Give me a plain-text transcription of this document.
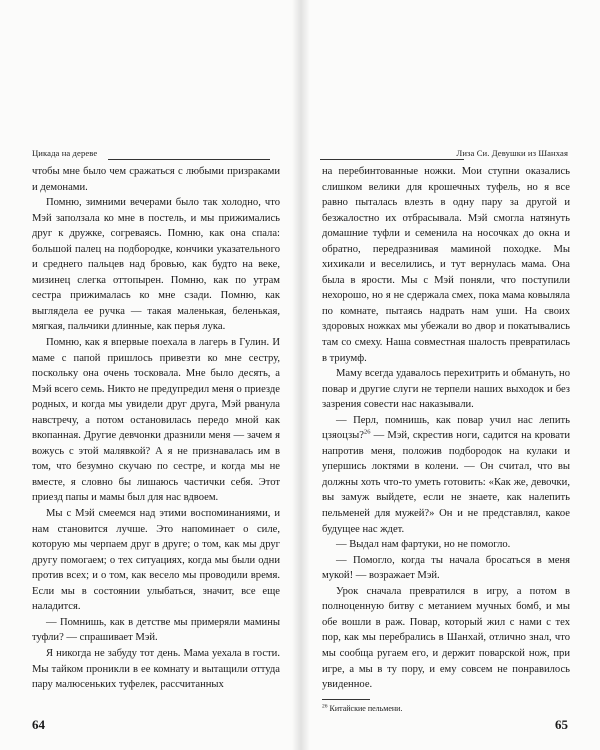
Цикада на дереве

чтобы мне было чем сражаться с любыми призраками и демонами.

Помню, зимними вечерами было так холодно, что Мэй заползала ко мне в постель, и мы прижимались друг к дружке, согреваясь. Помню, как она спала: большой палец на подбородке, кончики указательного и среднего пальцев над бровью, как будто на веке, мизинец слегка оттопырен. Помню, как по утрам сестра прижималась ко мне сзади. Помню, как выглядела ее ручка — такая маленькая, беленькая, мягкая, пальчики длинные, как перья лука.

Помню, как я впервые поехала в лагерь в Гулин. И маме с папой пришлось привезти ко мне сестру, поскольку она очень тосковала. Мне было десять, а Мэй всего семь. Никто не предупредил меня о приезде родных, и когда мы увидели друг друга, Мэй рванула навстречу, а потом остановилась передо мной как вкопанная. Другие девчонки дразнили меня — зачем я вожусь с этой малявкой? А я не признавалась им в том, что безумно скучаю по сестре, и когда мы не вместе, я словно бы лишаюсь частички себя. Этот приезд папы и мамы был для нас вдвоем.

Мы с Мэй смеемся над этими воспоминаниями, и нам становится лучше. Это напоминает о силе, которую мы черпаем друг в друге; о том, как мы друг другу помогаем; о тех ситуациях, когда мы были одни против всех; и о том, как весело мы проводили время. Если мы в состоянии улыбаться, значит, все еще наладится.

— Помнишь, как в детстве мы примеряли мамины туфли? — спрашивает Мэй.

Я никогда не забуду тот день. Мама уехала в гости. Мы тайком проникли в ее комнату и вытащили оттуда пару малюсеньких туфелек, рассчитанных

64
Лиза Си. Девушки из Шанхая

на перебинтованные ножки. Мои ступни оказались слишком велики для крошечных туфель, но я все равно пыталась влезть в одну пару за другой и безжалостно их отбрасывала. Мэй смогла натянуть домашние туфли и семенила на носочках до окна и обратно, передразнивая маминой походке. Мы хихикали и веселились, и тут вернулась мама. Она была в ярости. Мы с Мэй поняли, что поступили нехорошо, но я не сдержала смех, пока мама ковыляла по комнате, пытаясь надрать нам уши. На своих здоровых ножках мы убежали во двор и покатывались там со смеху. Наша совместная шалость превратилась в триумф.

Маму всегда удавалось перехитрить и обмануть, но повар и другие слуги не терпели наших выходок и без зазрения совести нас наказывали.

— Перл, помнишь, как повар учил нас лепить цзяоцзы?$^{26}$ — Мэй, скрестив ноги, садится на кровати напротив меня, положив подбородок на кулаки и упершись локтями в колени. — Он считал, что вы должны хоть что-то уметь готовить: «Как же, девочки, вы замуж выйдете, если не знаете, как налепить пельменей для мужей?» Он и не представлял, какое будущее нас ждет.

— Выдал нам фартуки, но не помогло.

— Помогло, когда ты начала бросаться в меня мукой! — возражает Мэй.

Урок сначала превратился в игру, а потом в полноценную битву с метанием мучных бомб, и мы обе вошли в раж. Повар, который жил с нами с тех пор, как мы перебрались в Шанхай, отлично знал, что мы сообща ругаем его, и держит поварской нож, при игре, а мы в ту пору, и ему совсем не понравилось увиденное.

$^{26}$ Китайские пельмени.
65
